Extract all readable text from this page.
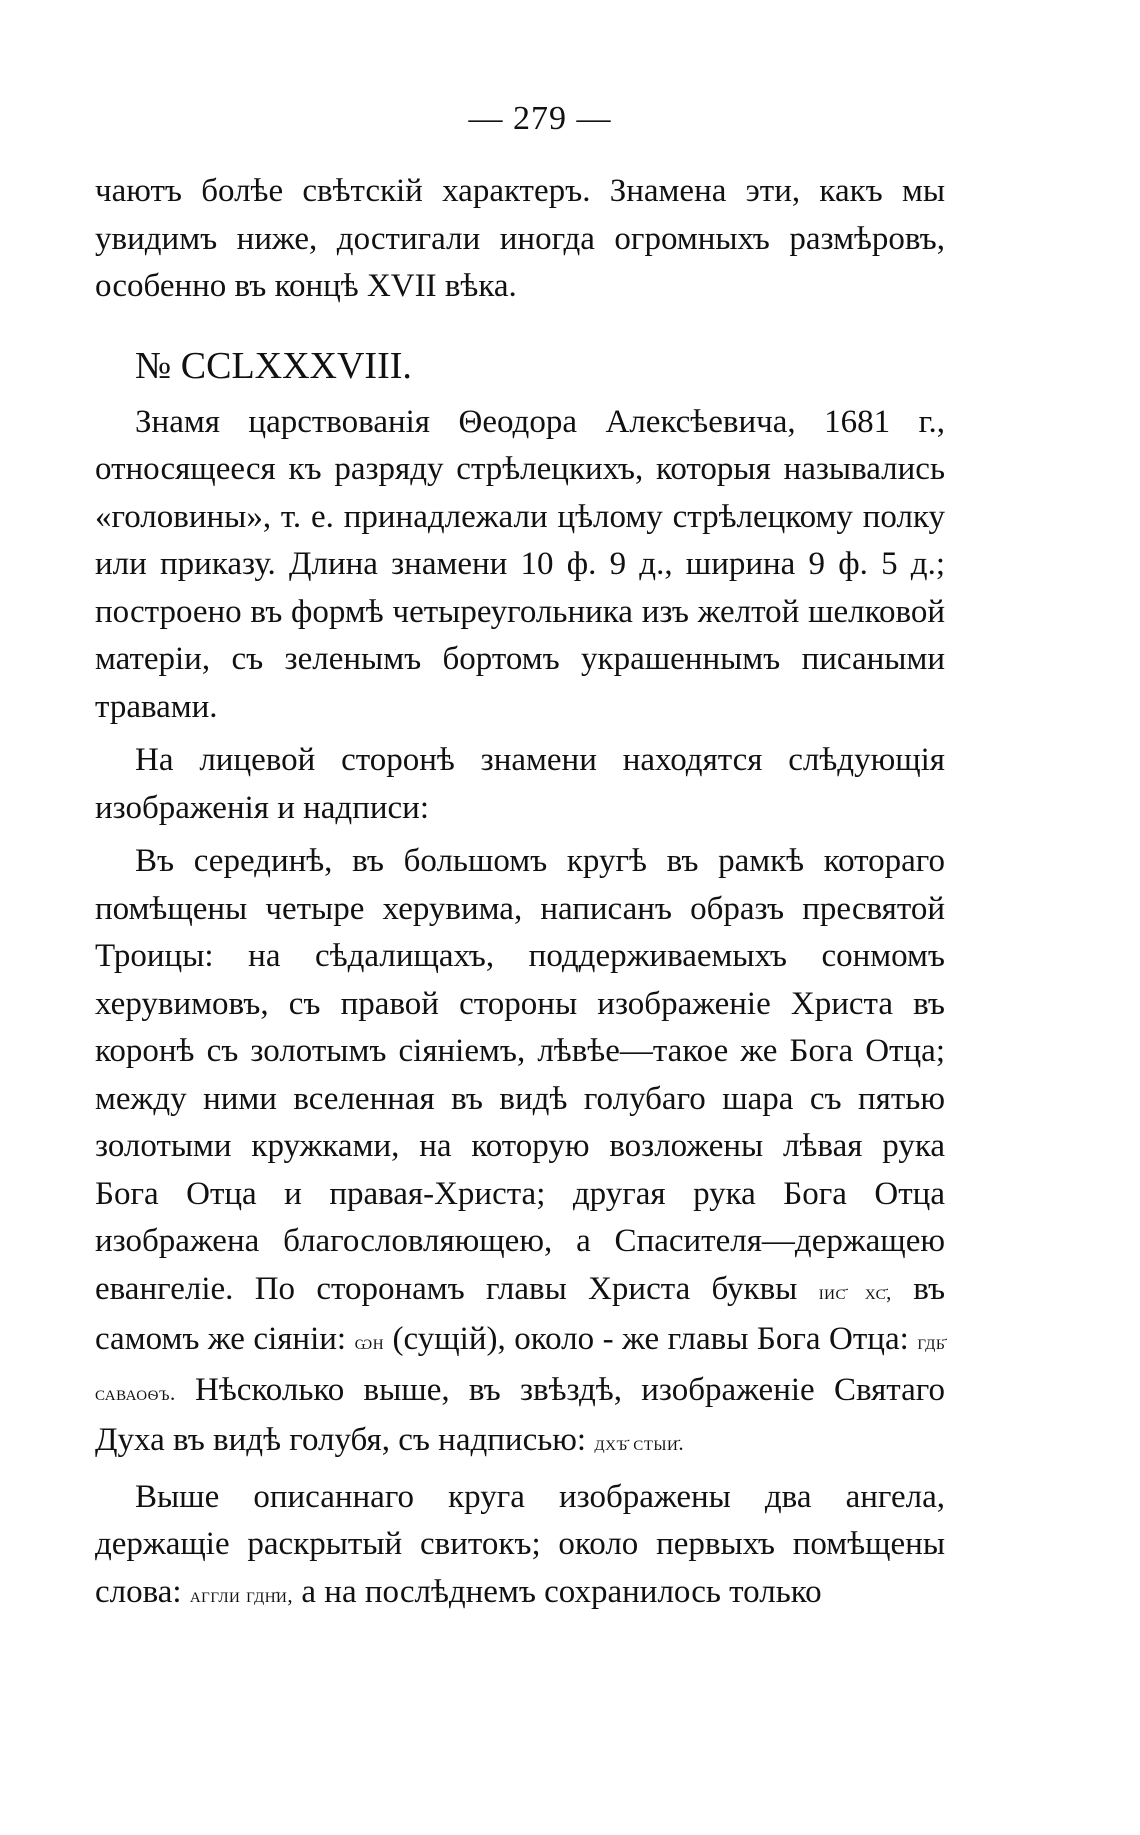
— 279 —

чаютъ болѣе свѣтскій характеръ. Знамена эти, какъ мы увидимъ ниже, достигали иногда огромныхъ размѣровъ, особенно въ концѣ XVII вѣка.

№ CCLXXXVIII.

Знамя царствованія Θеодора Алексѣевича, 1681 г., относящееся къ разряду стрѣлецкихъ, которыя назывались «головины», т. е. принадлежали цѣлому стрѣлецкому полку или приказу. Длина знамени 10 ф. 9 д., ширина 9 ф. 5 д.; построено въ формѣ четыреугольника изъ желтой шелковой матеріи, съ зеленымъ бортомъ украшеннымъ писаными травами.

На лицевой сторонѣ знамени находятся слѣдующія изображенія и надписи:

Въ серединѣ, въ большомъ кругѣ въ рамкѣ котораго помѣщены четыре херувима, написанъ образъ пресвятой Троицы: на сѣдалищахъ, поддерживаемыхъ сонмомъ херувимовъ, съ правой стороны изображеніе Христа въ коронѣ съ золотымъ сіяніемъ, лѣвѣе—такое же Бога Отца; между ними вселенная въ видѣ голубаго шара съ пятью золотыми кружками, на которую возложены лѣвая рука Бога Отца и правая-Христа; другая рука Бога Отца изображена благословляющею, а Спасителя—держащею евангеліе. По сторонамъ главы Христа буквы іис҃ хс҃, въ самомъ же сіяніи: ѡн (сущій), около - же главы Бога Отца: гдь҃ саваоѳъ. Нѣсколько выше, въ звѣздѣ, изображеніе Святаго Духа въ видѣ голубя, съ надписью: дхъ҃ стыи҃.

Выше описаннаго круга изображены два ангела, держащіе раскрытый свитокъ; около первыхъ помѣщены слова: аггли гдн҃и, а на послѣднемъ сохранилось только
